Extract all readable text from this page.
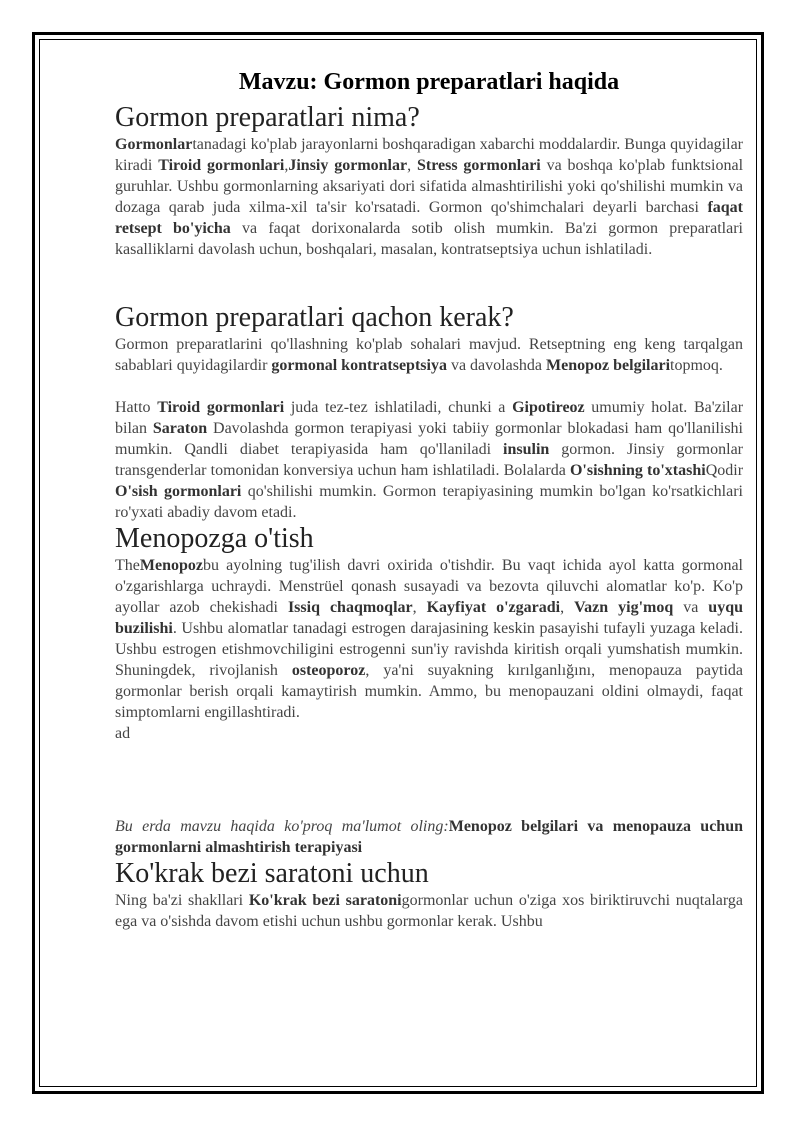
Mavzu: Gormon preparatlari haqida
Gormon preparatlari nima?

Gormonlartanadagi ko'plab jarayonlarni boshqaradigan xabarchi moddalardir. Bunga quyidagilar kiradi Tiroid gormonlari,Jinsiy gormonlar, Stress gormonlari va boshqa ko'plab funktsional guruhlar. Ushbu gormonlarning aksariyati dori sifatida almashtirilishi yoki qo'shilishi mumkin va dozaga qarab juda xilma-xil ta'sir ko'rsatadi. Gormon qo'shimchalari deyarli barchasi faqat retsept bo'yicha va faqat dorixonalarda sotib olish mumkin. Ba'zi gormon preparatlari kasalliklarni davolash uchun, boshqalari, masalan, kontratseptsiya uchun ishlatiladi.

Gormon preparatlari qachon kerak?

Gormon preparatlarini qo'llashning ko'plab sohalari mavjud. Retseptning eng keng tarqalgan sabablari quyidagilardir gormonal kontratseptsiya va davolashda Menopoz belgilaritopmoq.

Hatto Tiroid gormonlari juda tez-tez ishlatiladi, chunki a Gipotireoz umumiy holat. Ba'zilar bilan Saraton Davolashda gormon terapiyasi yoki tabiiy gormonlar blokadasi ham qo'llanilishi mumkin. Qandli diabet terapiyasida ham qo'llaniladi insulin gormon. Jinsiy gormonlar transgenderlar tomonidan konversiya uchun ham ishlatiladi. Bolalarda O'sishning to'xtashiQodir O'sish gormonlari qo'shilishi mumkin. Gormon terapiyasining mumkin bo'lgan ko'rsatkichlari ro'yxati abadiy davom etadi.

Menopozga o'tish

TheMenopozbu ayolning tug'ilish davri oxirida o'tishdir. Bu vaqt ichida ayol katta gormonal o'zgarishlarga uchraydi. Menstrüel qonash susayadi va bezovta qiluvchi alomatlar ko'p. Ko'p ayollar azob chekishadi Issiq chaqmoqlar, Kayfiyat o'zgaradi, Vazn yig'moq va uyqu buzilishi. Ushbu alomatlar tanadagi estrogen darajasining keskin pasayishi tufayli yuzaga keladi. Ushbu estrogen etishmovchiligini estrogenni sun'iy ravishda kiritish orqali yumshatish mumkin. Shuningdek, rivojlanish osteoporoz, ya'ni suyakning kırılganlığını, menopauza paytida gormonlar berish orqali kamaytirish mumkin. Ammo, bu menopauzani oldini olmaydi, faqat simptomlarni engillashtiradi.

ad

Bu erda mavzu haqida ko'proq ma'lumot oling:Menopoz belgilari va menopauza uchun gormonlarni almashtirish terapiyasi

Ko'krak bezi saratoni uchun

Ning ba'zi shakllari Ko'krak bezi saratonigormonlar uchun o'ziga xos biriktiruvchi nuqtalarga ega va o'sishda davom etishi uchun ushbu gormonlar kerak. Ushbu
